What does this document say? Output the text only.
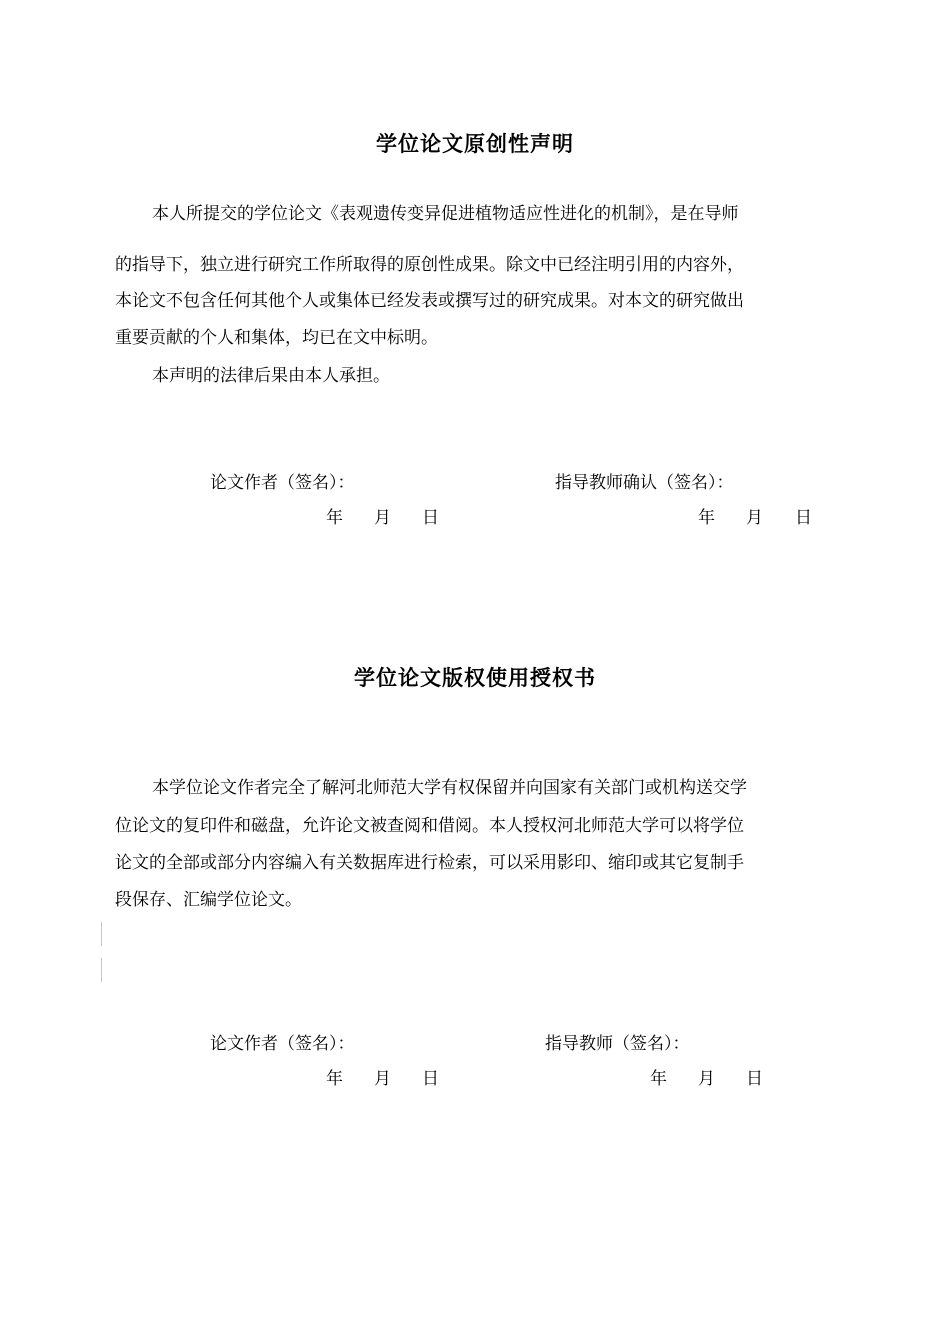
学位论文原创性声明
本人所提交的学位论文《表观遗传变异促进植物适应性进化的机制》，是在导师
的指导下，独立进行研究工作所取得的原创性成果。除文中已经注明引用的内容外，
本论文不包含任何其他个人或集体已经发表或撰写过的研究成果。对本文的研究做出
重要贡献的个人和集体，均已在文中标明。
本声明的法律后果由本人承担。
论文作者（签名）：	指导教师确认（签名）：
年 月 日	年 月 日
学位论文版权使用授权书
本学位论文作者完全了解河北师范大学有权保留并向国家有关部门或机构送交学
位论文的复印件和磁盘，允许论文被查阅和借阅。本人授权河北师范大学可以将学位
论文的全部或部分内容编入有关数据库进行检索，可以采用影印、缩印或其它复制手
段保存、汇编学位论文。
论文作者（签名）：	指导教师（签名）：
年 月 日	年 月 日
